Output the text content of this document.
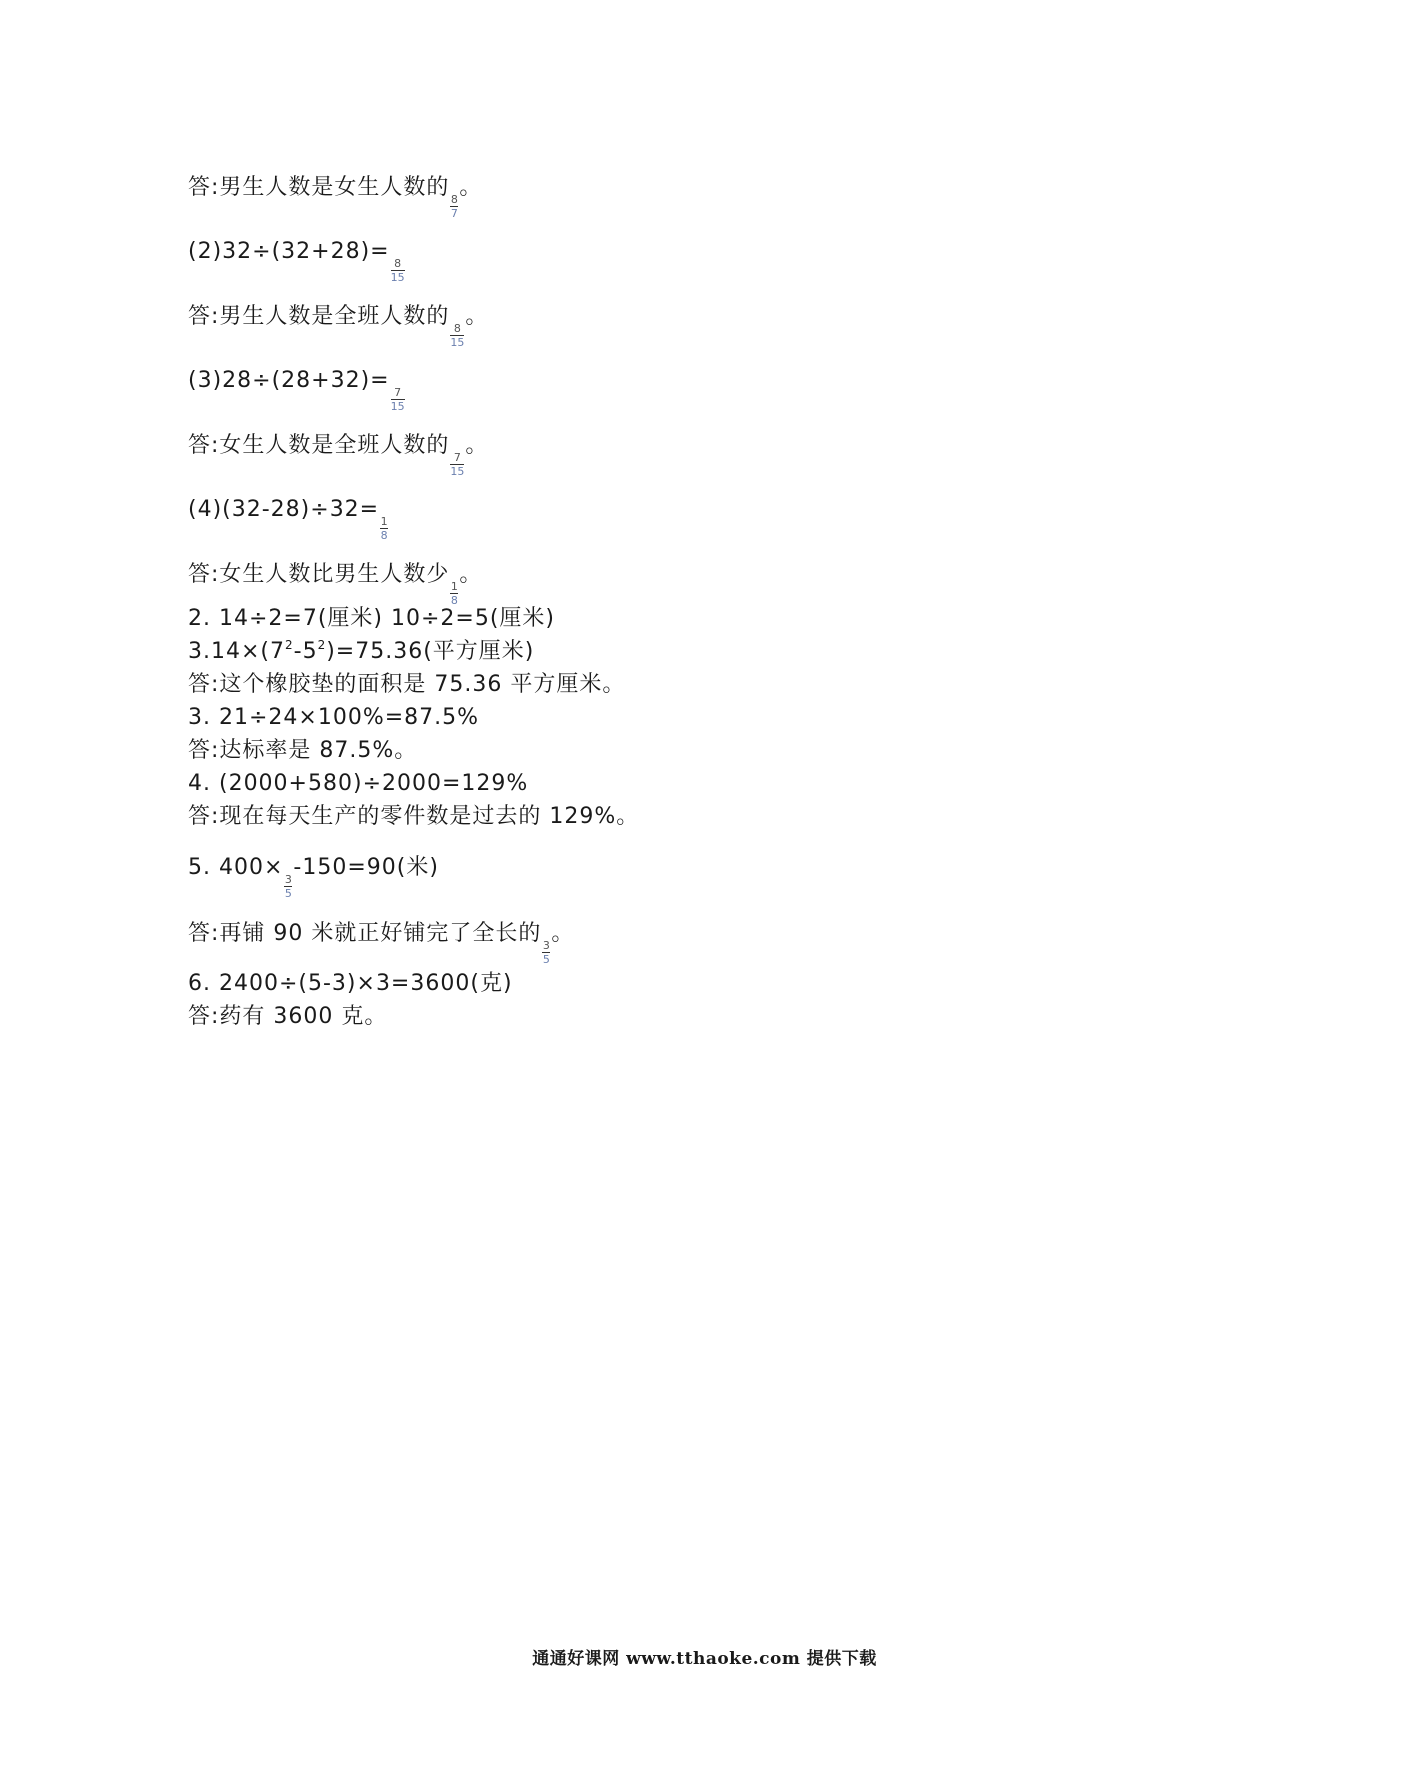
答:男生人数是女生人数的
$\frac{8}{7}$
。
(2)32÷(32+28)=
$\frac{8}{15}$
答:男生人数是全班人数的
$\frac{8}{15}$
。
(3)28÷(28+32)=
$\frac{7}{15}$
答:女生人数是全班人数的
$\frac{7}{15}$
。
(4)(32-28)÷32=
$\frac{1}{8}$
答:女生人数比男生人数少
$\frac{1}{8}$
。
2. 14÷2=7(厘米) 10÷2=5(厘米)
$3.14\times(7^2-5^2)=75.36$(平方厘米)
答:这个橡胶垫的面积是 75.36 平方厘米。
3. 21÷24×100%=87.5%
答:达标率是 87.5%。
4. (2000+580)÷2000=129%
答:现在每天生产的零件数是过去的 129%。
5. 400×
$\frac{3}{5}$
-150=90(米)
答:再铺 90 米就正好铺完了全长的
$\frac{3}{5}$
。
6. 2400÷(5-3)×3=3600(克)
答:药有 3600 克。
通通好课网 www.tthaoke.com 提供下载
